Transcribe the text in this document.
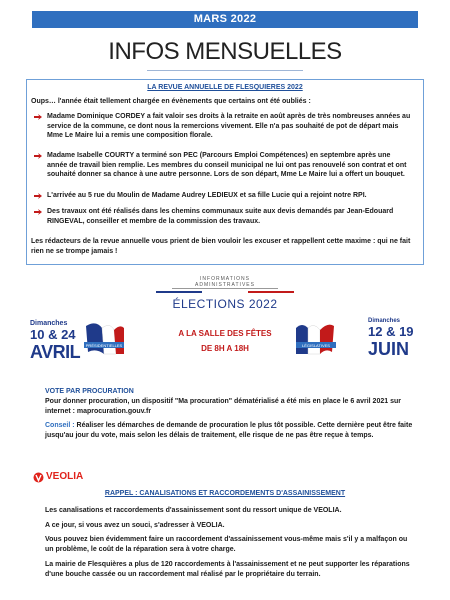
MARS 2022
INFOS MENSUELLES
LA REVUE ANNUELLE DE FLESQUIERES 2022
Oups… l'année était tellement chargée en évènements que certains ont été oubliés :
Madame Dominique CORDEY a fait valoir ses droits à la retraite en août après de très nombreuses années au service de la commune, ce dont nous la remercions vivement. Elle n'a pas souhaité de pot de départ mais Mme Le Maire lui a remis une composition florale.
Madame Isabelle COURTY a terminé son PEC (Parcours Emploi Compétences) en septembre après une année de travail bien remplie. Les membres du conseil municipal ne lui ont pas renouvelé son contrat et ont souhaité donner sa chance à une autre personne. Lors de son départ, Mme Le Maire lui a offert un bouquet.
L'arrivée au 5 rue du Moulin de Madame Audrey LEDIEUX et sa fille Lucie qui a rejoint notre RPI.
Des travaux ont été réalisés dans les chemins communaux suite aux devis demandés par Jean-Edouard RINGEVAL, conseiller et membre de la commission des travaux.
Les rédacteurs de la revue annuelle vous prient de bien vouloir les excuser et rappellent cette maxime : qui ne fait rien ne se trompe jamais !
INFORMATIONS ADMINISTRATIVES
ÉLECTIONS 2022
Dimanches
10 & 24
AVRIL PRÉSIDENTIELLES
A LA SALLE DES FÊTES
DE 8H A 18H	LÉGISLATIVES
Dimanches
12 & 19
JUIN
VOTE PAR PROCURATION
Pour donner procuration, un dispositif "Ma procuration" dématérialisé a été mis en place le 6 avril 2021 sur internet : maprocuration.gouv.fr
Conseil : Réaliser les démarches de demande de procuration le plus tôt possible. Cette dernière peut être faite jusqu'au jour du vote, mais selon les délais de traitement, elle risque de ne pas être reçue à temps.
VEOLIA
RAPPEL : CANALISATIONS ET RACCORDEMENTS D'ASSAINISSEMENT
Les canalisations et raccordements d'assainissement sont du ressort unique de VEOLIA.
A ce jour, si vous avez un souci, s'adresser à VEOLIA.
Vous pouvez bien évidemment faire un raccordement d'assainissement vous-même mais s'il y a malfaçon ou un problème, le coût de la réparation sera à votre charge.
La mairie de Flesquières a plus de 120 raccordements à l'assainissement et ne peut supporter les réparations d'une bouche cassée ou un raccordement mal réalisé par le propriétaire du terrain.
